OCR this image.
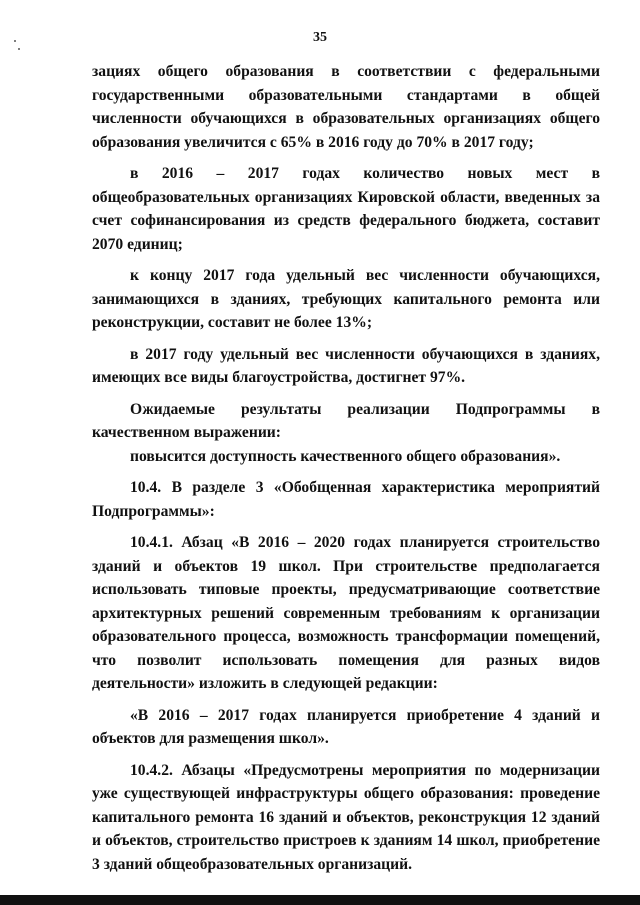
35

зациях общего образования в соответствии с федеральными государственными образовательными стандартами в общей численности обучающихся в образовательных организациях общего образования увеличится с 65% в 2016 году до 70% в 2017 году;

в 2016 – 2017 годах количество новых мест в общеобразовательных организациях Кировской области, введенных за счет софинансирования из средств федерального бюджета, составит 2070 единиц;

к концу 2017 года удельный вес численности обучающихся, занимающихся в зданиях, требующих капитального ремонта или реконструкции, составит не более 13%;

в 2017 году удельный вес численности обучающихся в зданиях, имеющих все виды благоустройства, достигнет 97%.

Ожидаемые результаты реализации Подпрограммы в качественном выражении:

повысится доступность качественного общего образования».

10.4. В разделе 3 «Обобщенная характеристика мероприятий Подпрограммы»:

10.4.1. Абзац «В 2016 – 2020 годах планируется строительство зданий и объектов 19 школ. При строительстве предполагается использовать типовые проекты, предусматривающие соответствие архитектурных решений современным требованиям к организации образовательного процесса, возможность трансформации помещений, что позволит использовать помещения для разных видов деятельности» изложить в следующей редакции:

«В 2016 – 2017 годах планируется приобретение 4 зданий и объектов для размещения школ».

10.4.2. Абзацы «Предусмотрены мероприятия по модернизации уже существующей инфраструктуры общего образования: проведение капитального ремонта 16 зданий и объектов, реконструкция 12 зданий и объектов, строительство пристроев к зданиям 14 школ, приобретение 3 зданий общеобразовательных организаций.
